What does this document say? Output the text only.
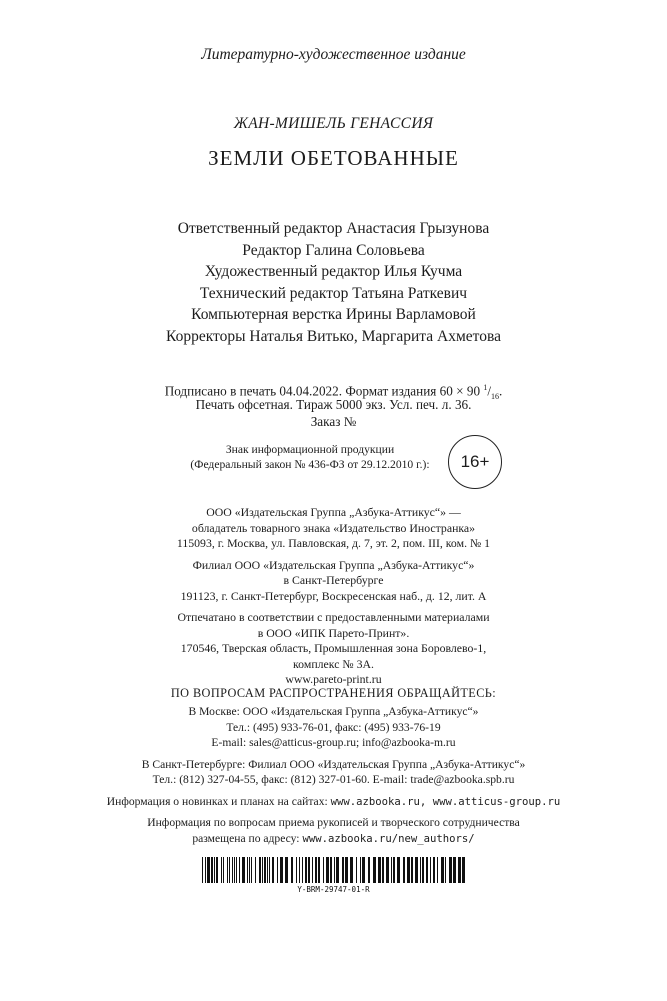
Литературно-художественное издание
ЖАН-МИШЕЛЬ ГЕНАССИЯ
ЗЕМЛИ ОБЕТОВАННЫЕ
Ответственный редактор Анастасия Грызунова
Редактор Галина Соловьева
Художественный редактор Илья Кучма
Технический редактор Татьяна Раткевич
Компьютерная верстка Ирины Варламовой
Корректоры Наталья Витько, Маргарита Ахметова
Подписано в печать 04.04.2022. Формат издания 60 × 90 $^1/_{16}$.
Печать офсетная. Тираж 5000 экз. Усл. печ. л. 36.
Заказ №
Знак информационной продукции
(Федеральный закон № 436-ФЗ от 29.12.2010 г.):	16+
ООО «Издательская Группа „Азбука-Аттикус“» —
обладатель товарного знака «Издательство Иностранка»
115093, г. Москва, ул. Павловская, д. 7, эт. 2, пом. III, ком. № 1
Филиал ООО «Издательская Группа „Азбука-Аттикус“»
в Санкт-Петербурге
191123, г. Санкт-Петербург, Воскресенская наб., д. 12, лит. А
Отпечатано в соответствии с предоставленными материалами
в ООО «ИПК Парето-Принт».
170546, Тверская область, Промышленная зона Боровлево-1,
комплекс № 3А.
www.pareto-print.ru
ПО ВОПРОСАМ РАСПРОСТРАНЕНИЯ ОБРАЩАЙТЕСЬ:
В Москве: ООО «Издательская Группа „Азбука-Аттикус“»
Тел.: (495) 933-76-01, факс: (495) 933-76-19
E-mail: sales@atticus-group.ru; info@azbooka-m.ru
В Санкт-Петербурге: Филиал ООО «Издательская Группа „Азбука-Аттикус“»
Тел.: (812) 327-04-55, факс: (812) 327-01-60. E-mail: trade@azbooka.spb.ru
Информация о новинках и планах на сайтах: www.azbooka.ru, www.atticus-group.ru
Информация по вопросам приема рукописей и творческого сотрудничества
размещена по адресу: www.azbooka.ru/new_authors/
Y-BRM-29747-01-R
